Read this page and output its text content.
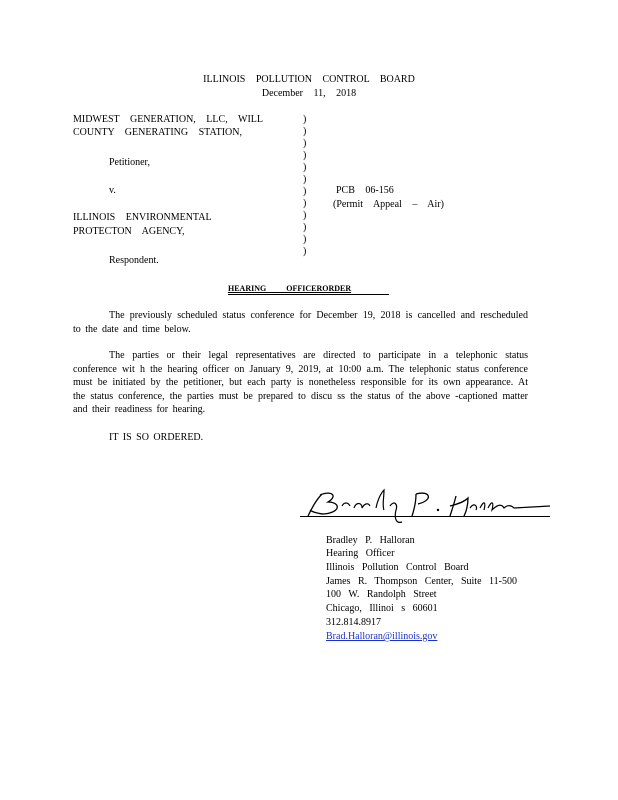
ILLINOIS POLLUTION CONTROL BOARD
December 11, 2018
MIDWEST GENERATION, LLC, WILL
COUNTY GENERATING STATION,
Petitioner,
v.
ILLINOIS ENVIRONMENTAL
PROTECTON AGENCY,
Respondent.
)
)
)
)
)
)
)
)
)
)
)
)
PCB 06-156
(Permit Appeal – Air)
HEARING OFFICERORDER
The previously scheduled status conference for December 19, 2018 is cancelled and rescheduled to the date and time below.
The parties or their legal representatives are directed to participate in a telephonic status conference wit h the hearing officer on January 9, 2019, at 10:00 a.m. The telephonic status conference must be initiated by the petitioner, but each party is nonetheless responsible for its own appearance. At the status conference, the parties must be prepared to discu ss the status of the above -captioned matter and their readiness for hearing.
IT IS SO ORDERED.
Bradley P. Halloran
Bradley P. Halloran
Hearing Officer
Illinois Pollution Control Board
James R. Thompson Center, Suite 11-500
100 W. Randolph Street
Chicago, Illinoi s 60601
312.814.8917
Brad.Halloran@illinois.gov
